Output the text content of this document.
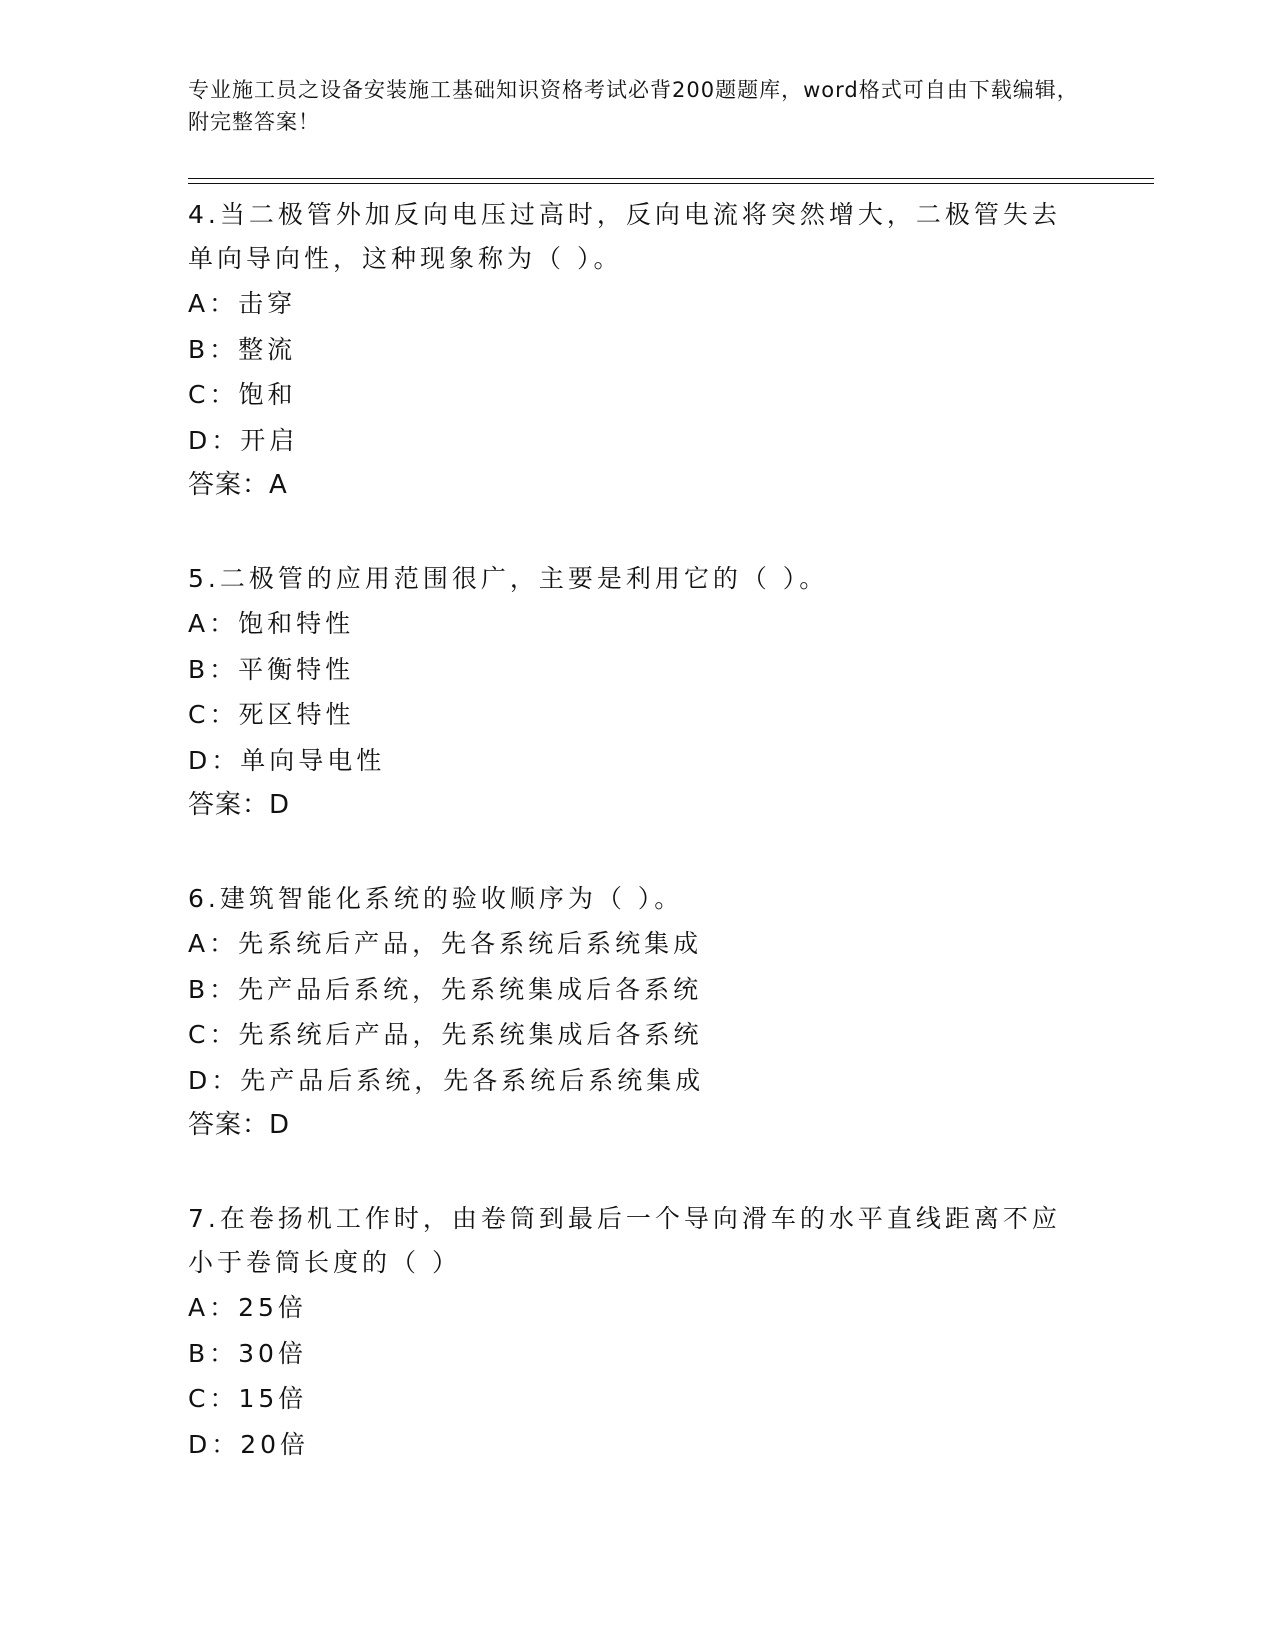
专业施工员之设备安装施工基础知识资格考试必背200题题库，word格式可自由下载编辑，附完整答案！
4.当二极管外加反向电压过高时，反向电流将突然增大，二极管失去单向导向性，这种现象称为（ ）。
A：击穿
B：整流
C：饱和
D：开启
答案：A
5.二极管的应用范围很广，主要是利用它的（ ）。
A：饱和特性
B：平衡特性
C：死区特性
D：单向导电性
答案：D
6.建筑智能化系统的验收顺序为（ ）。
A：先系统后产品，先各系统后系统集成
B：先产品后系统，先系统集成后各系统
C：先系统后产品，先系统集成后各系统
D：先产品后系统，先各系统后系统集成
答案：D
7.在卷扬机工作时，由卷筒到最后一个导向滑车的水平直线距离不应小于卷筒长度的（ ）
A：25倍
B：30倍
C：15倍
D：20倍
